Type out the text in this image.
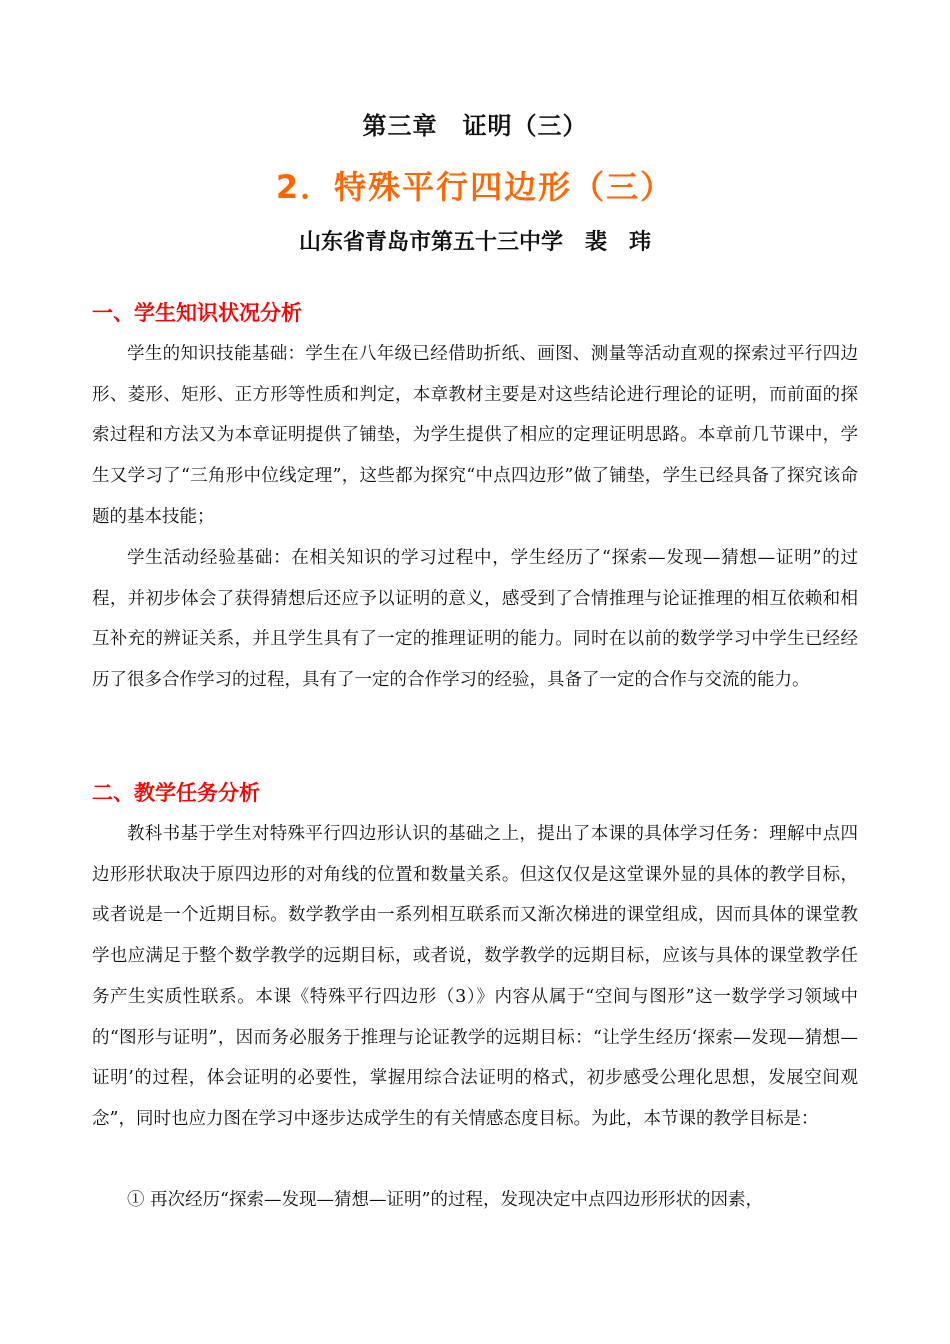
第三章　证明（三）
2．特殊平行四边形（三）
山东省青岛市第五十三中学　裴　玮
一、学生知识状况分析

学生的知识技能基础：学生在八年级已经借助折纸、画图、测量等活动直观的探索过平行四边形、菱形、矩形、正方形等性质和判定，本章教材主要是对这些结论进行理论的证明，而前面的探索过程和方法又为本章证明提供了铺垫，为学生提供了相应的定理证明思路。本章前几节课中，学生又学习了“三角形中位线定理”，这些都为探究“中点四边形”做了铺垫，学生已经具备了探究该命题的基本技能；

学生活动经验基础：在相关知识的学习过程中，学生经历了“探索—发现—猜想—证明”的过程，并初步体会了获得猜想后还应予以证明的意义，感受到了合情推理与论证推理的相互依赖和相互补充的辨证关系，并且学生具有了一定的推理证明的能力。同时在以前的数学学习中学生已经经历了很多合作学习的过程，具有了一定的合作学习的经验，具备了一定的合作与交流的能力。

二、教学任务分析

教科书基于学生对特殊平行四边形认识的基础之上，提出了本课的具体学习任务：理解中点四边形形状取决于原四边形的对角线的位置和数量关系。但这仅仅是这堂课外显的具体的教学目标，或者说是一个近期目标。数学教学由一系列相互联系而又渐次梯进的课堂组成，因而具体的课堂教学也应满足于整个数学教学的远期目标，或者说，数学教学的远期目标，应该与具体的课堂教学任务产生实质性联系。本课《特殊平行四边形（3）》内容从属于“空间与图形”这一数学学习领域中的“图形与证明”，因而务必服务于推理与论证教学的远期目标：“让学生经历‘探索—发现—猜想—证明’的过程，体会证明的必要性，掌握用综合法证明的格式，初步感受公理化思想，发展空间观念”，同时也应力图在学习中逐步达成学生的有关情感态度目标。为此，本节课的教学目标是：

① 再次经历“探索—发现—猜想—证明”的过程，发现决定中点四边形形状的因素，
